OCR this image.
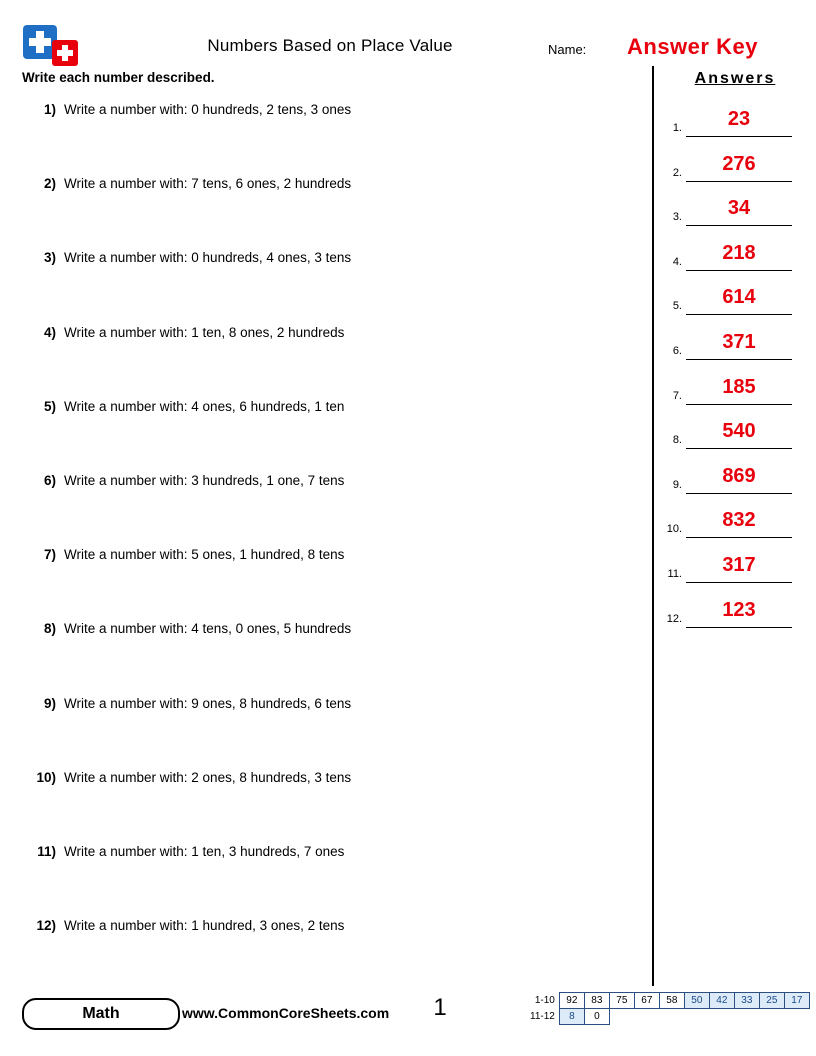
Numbers Based on Place Value	Name: Answer Key
Write each number described.
1) Write a number with: 0 hundreds, 2 tens, 3 ones
2) Write a number with: 7 tens, 6 ones, 2 hundreds
3) Write a number with: 0 hundreds, 4 ones, 3 tens
4) Write a number with: 1 ten, 8 ones, 2 hundreds
5) Write a number with: 4 ones, 6 hundreds, 1 ten
6) Write a number with: 3 hundreds, 1 one, 7 tens
7) Write a number with: 5 ones, 1 hundred, 8 tens
8) Write a number with: 4 tens, 0 ones, 5 hundreds
9) Write a number with: 9 ones, 8 hundreds, 6 tens
10) Write a number with: 2 ones, 8 hundreds, 3 tens
11) Write a number with: 1 ten, 3 hundreds, 7 ones
12) Write a number with: 1 hundred, 3 ones, 2 tens
Answers
1.	23
2.	276
3.	34
4.	218
5.	614
6.	371
7.	185
8.	540
9.	869
10.	832
11.	317
12.	123
Math	www.CommonCoreSheets.com	1	1-10	92	83	75	67	58	50	42	33	25	17
11-12	8	0								
